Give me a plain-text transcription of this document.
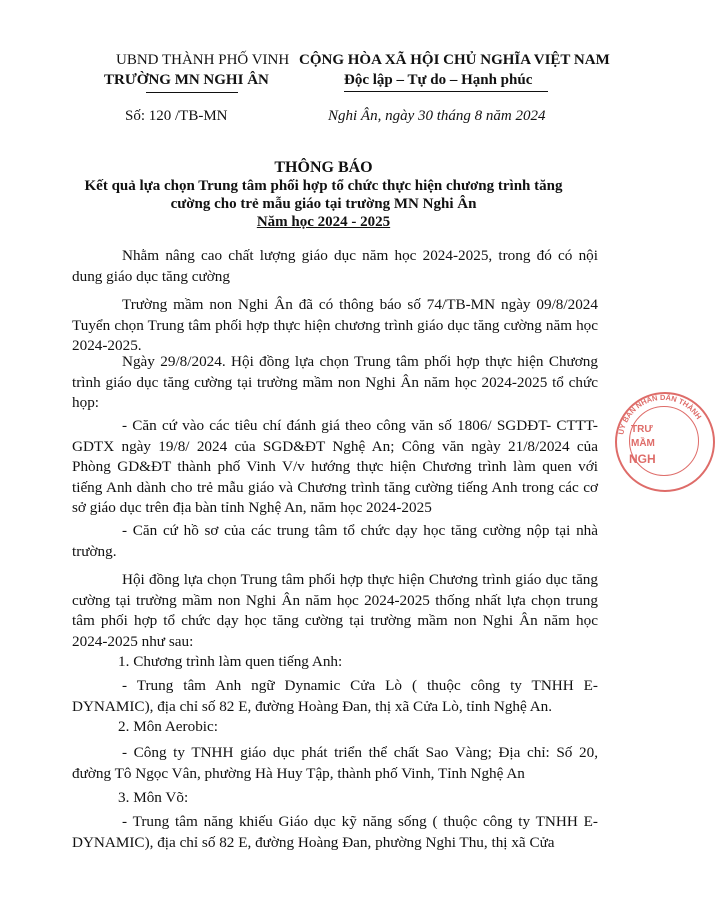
UBND THÀNH PHỐ VINH
TRƯỜNG MN NGHI ÂN
CỘNG HÒA XÃ HỘI CHỦ NGHĨA VIỆT NAM
Độc lập – Tự do – Hạnh phúc
Số: 120 /TB-MN	Nghi Ân, ngày 30 tháng 8 năm 2024
THÔNG BÁO
Kết quả lựa chọn Trung tâm phối hợp tổ chức thực hiện chương trình tăng
cường cho trẻ mẫu giáo tại trường MN Nghi Ân
Năm học 2024 - 2025

Nhằm nâng cao chất lượng giáo dục năm học 2024-2025, trong đó có nội dung giáo dục tăng cường

Trường mầm non Nghi Ân đã có thông báo số 74/TB-MN ngày 09/8/2024 Tuyển chọn Trung tâm phối hợp thực hiện chương trình giáo dục tăng cường năm học 2024-2025.

Ngày 29/8/2024. Hội đồng lựa chọn Trung tâm phối hợp thực hiện Chương trình giáo dục tăng cường tại trường mầm non Nghi Ân năm học 2024-2025 tổ chức họp:

- Căn cứ vào các tiêu chí đánh giá theo công văn số 1806/ SGDĐT- CTTT-GDTX ngày 19/8/ 2024 của SGD&ĐT Nghệ An; Công văn ngày 21/8/2024 của Phòng GD&ĐT thành phố Vinh V/v hướng thực hiện Chương trình làm quen với tiếng Anh dành cho trẻ mẫu giáo và Chương trình tăng cường tiếng Anh trong các cơ sở giáo dục trên địa bàn tỉnh Nghệ An, năm học 2024-2025

- Căn cứ hồ sơ của các trung tâm tổ chức dạy học tăng cường nộp tại nhà trường.

Hội đồng lựa chọn Trung tâm phối hợp thực hiện Chương trình giáo dục tăng cường tại trường mầm non Nghi Ân năm học 2024-2025 thống nhất lựa chọn trung tâm phối hợp tổ chức dạy học tăng cường tại trường mầm non Nghi Ân năm học 2024-2025 như sau:

1. Chương trình làm quen tiếng Anh:

- Trung tâm Anh ngữ Dynamic Cửa Lò ( thuộc công ty TNHH E-DYNAMIC), địa chỉ số 82 E, đường Hoàng Đan, thị xã Cửa Lò, tỉnh Nghệ An.

2. Môn Aerobic:

- Công ty TNHH giáo dục phát triển thể chất Sao Vàng; Địa chỉ: Số 20, đường Tô Ngọc Vân, phường Hà Huy Tập, thành phố Vinh, Tỉnh Nghệ An

3. Môn Võ:

- Trung tâm năng khiếu Giáo dục kỹ năng sống ( thuộc công ty TNHH E-DYNAMIC), địa chỉ số 82 E, đường Hoàng Đan, phường Nghi Thu, thị xã Cửa

UỶ BAN NHÂN DÂN THÀNH
TRƯ
MẦM
NGH
